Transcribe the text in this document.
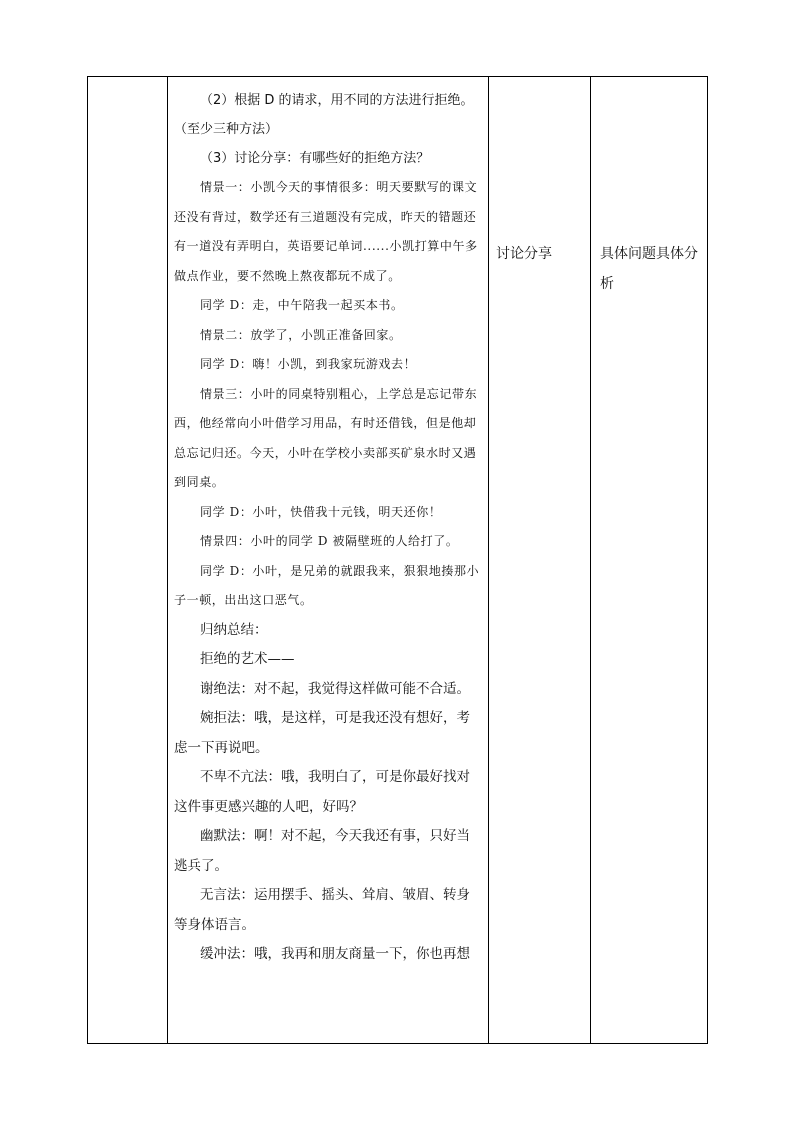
（2）根据 D 的请求，用不同的方法进行拒绝。

（至少三种方法）

（3）讨论分享：有哪些好的拒绝方法？

情景一：小凯今天的事情很多：明天要默写的课文还没有背过，数学还有三道题没有完成，昨天的错题还有一道没有弄明白，英语要记单词......小凯打算中午多做点作业，要不然晚上熬夜都玩不成了。

同学 D：走，中午陪我一起买本书。

情景二：放学了，小凯正准备回家。

同学 D：嗨！小凯，到我家玩游戏去！

情景三：小叶的同桌特别粗心，上学总是忘记带东西，他经常向小叶借学习用品，有时还借钱，但是他却总忘记归还。今天，小叶在学校小卖部买矿泉水时又遇到同桌。

同学 D：小叶，快借我十元钱，明天还你！

情景四：小叶的同学 D 被隔壁班的人给打了。

同学 D：小叶，是兄弟的就跟我来，狠狠地揍那小子一顿，出出这口恶气。

归纳总结：

拒绝的艺术——

谢绝法：对不起，我觉得这样做可能不合适。

婉拒法：哦，是这样，可是我还没有想好，考虑一下再说吧。

不卑不亢法：哦，我明白了，可是你最好找对这件事更感兴趣的人吧，好吗？

幽默法：啊！对不起，今天我还有事，只好当逃兵了。

无言法：运用摆手、摇头、耸肩、皱眉、转身等身体语言。

缓冲法：哦，我再和朋友商量一下，你也再想

讨论分享	具体问题具体分析
